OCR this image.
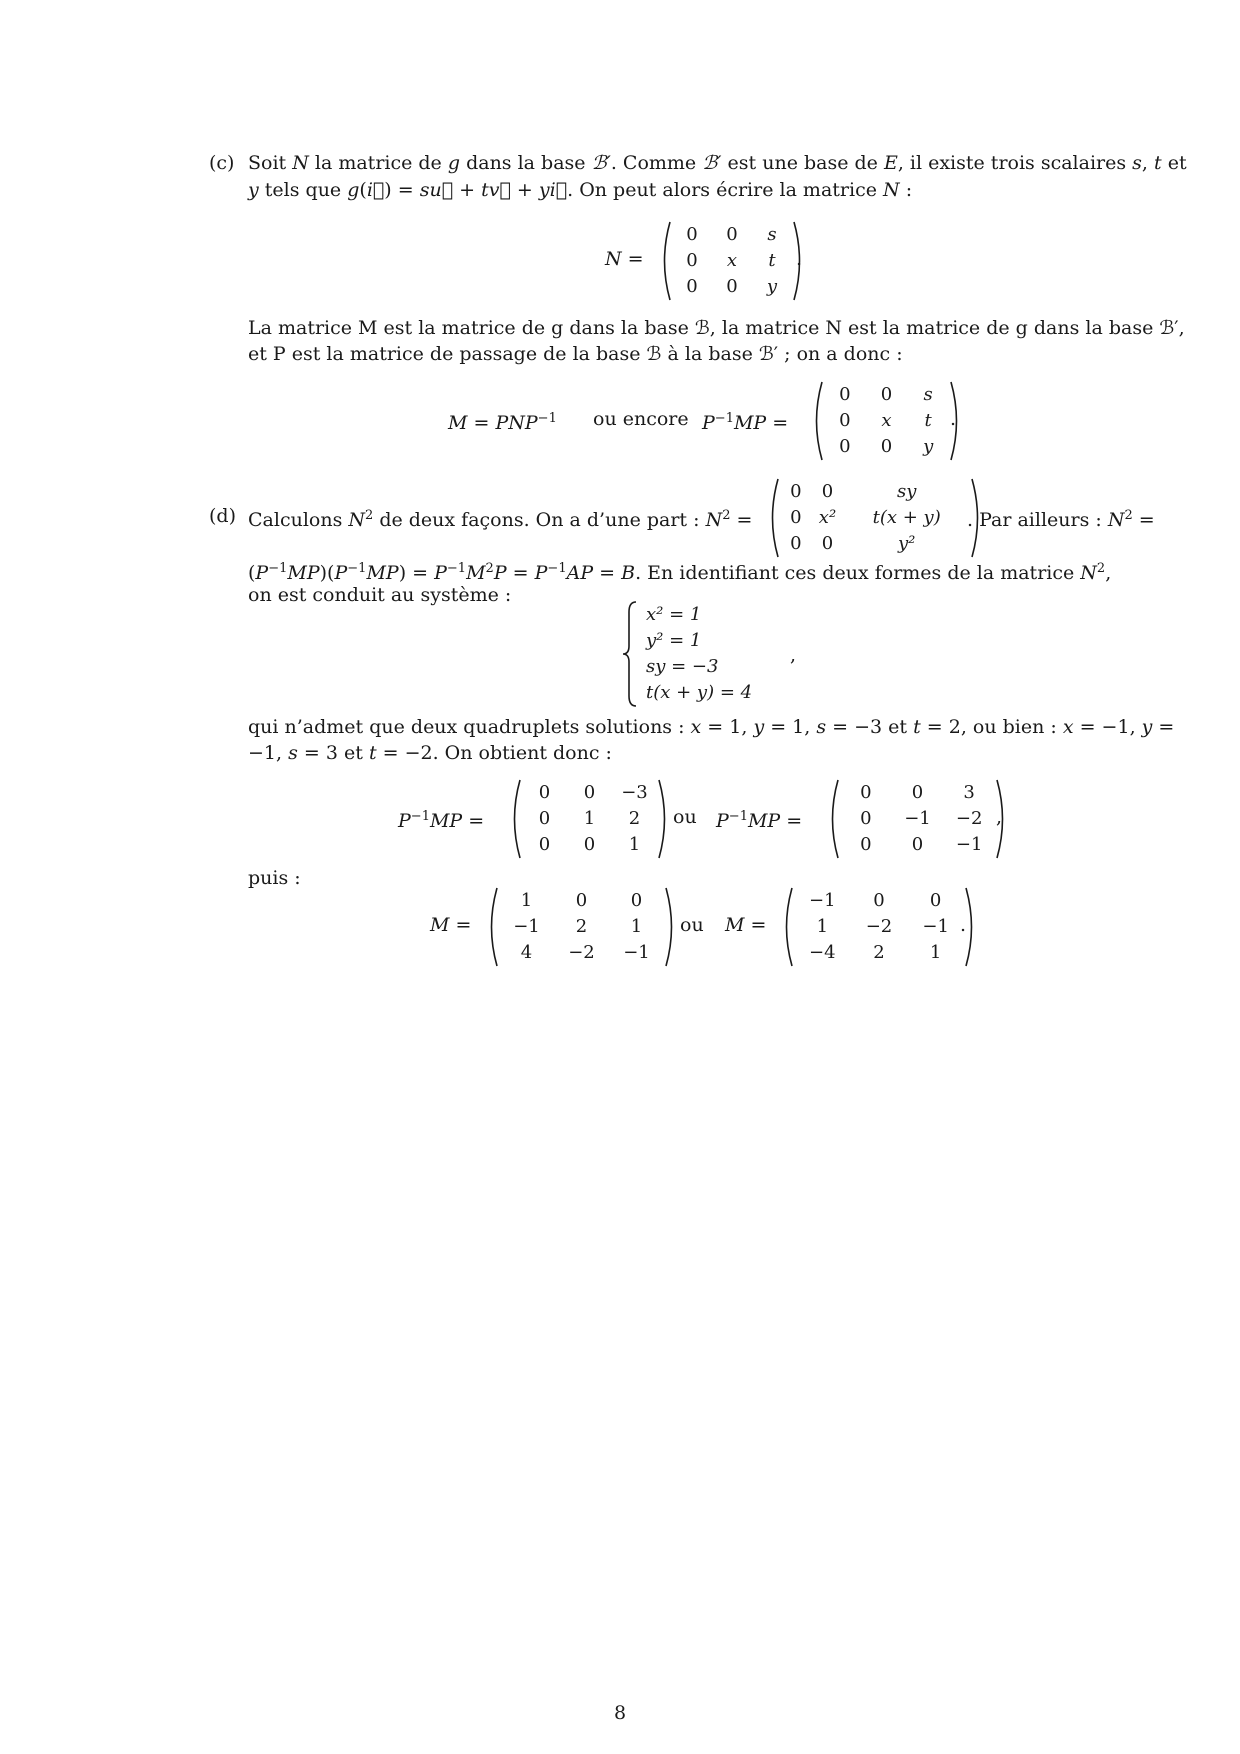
(c) Soit N la matrice de g dans la base ℬ′. Comme ℬ′ est une base de E, il existe trois scalaires s, t et
y tels que g(i⃗) = su⃗ + tv⃗ + yi⃗. On peut alors écrire la matrice N :
N =
0
0
0
0
x
0
s
t
y
.
La matrice M est la matrice de g dans la base ℬ, la matrice N est la matrice de g dans la base ℬ′,
et P est la matrice de passage de la base ℬ à la base ℬ′ ; on a donc :
$M = PNP^{-1}$ ou encore $P^{-1}MP$ =
0
0
0
0
x
0
s
t
y
.
(d) Calculons $N^2$ de deux façons. On a d’une part : $N^2$ =
0
0
0
0
x²
0
sy
t(x + y)
y²
. Par ailleurs : $N^2$ =
$(P^{-1}MP)(P^{-1}MP) = P^{-1}M^2P = P^{-1}AP = B$. En identifiant ces deux formes de la matrice $N^2$,
on est conduit au système :
x² = 1
y² = 1
sy = −3
t(x + y) = 4
,
qui n’admet que deux quadruplets solutions : x = 1, y = 1, s = −3 et t = 2, ou bien : x = −1, y =
−1, s = 3 et t = −2. On obtient donc :
$P^{-1}MP$ =
0
0
0
0
1
0
−3
2
1
ou $P^{-1}MP$ =
0
0
0
0
−1
0
3
−2
−1
,
puis :
M =
1
−1
4
0
2
−2
0
1
−1
ou M =
−1
1
−4
0
−2
2
0
−1
1
.
8
